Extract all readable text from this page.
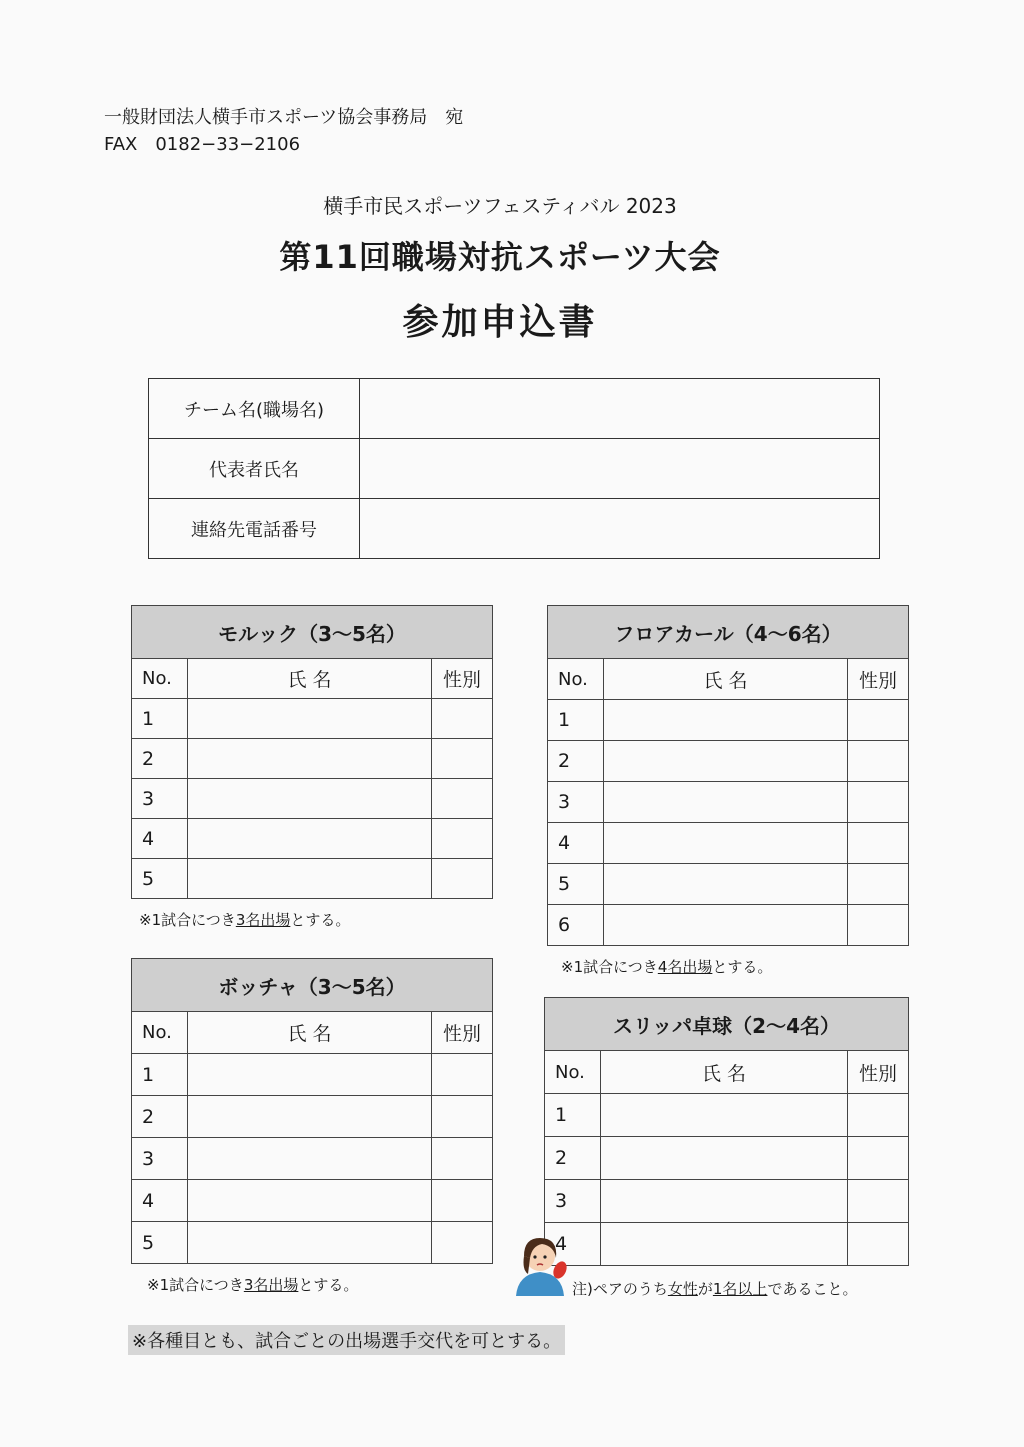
一般財団法人横手市スポーツ協会事務局　宛
FAX　0182−33−2106
横手市民スポーツフェスティバル 2023
第11回職場対抗スポーツ大会
参加申込書
チーム名(職場名)	
代表者氏名	
連絡先電話番号	
モルック（3〜5名）		
No.	氏 名	性別
1		
2		
3		
4		
5		
※1試合につき3名出場とする。
フロアカール（4〜6名）		
No.	氏 名	性別
1		
2		
3		
4		
5		
6		
※1試合につき4名出場とする。
ボッチャ（3〜5名）		
No.	氏 名	性別
1		
2		
3		
4		
5		
※1試合につき3名出場とする。
スリッパ卓球（2〜4名）		
No.	氏 名	性別
1		
2		
3		
4		
注)ペアのうち女性が1名以上であること。
※各種目とも、試合ごとの出場選手交代を可とする。
